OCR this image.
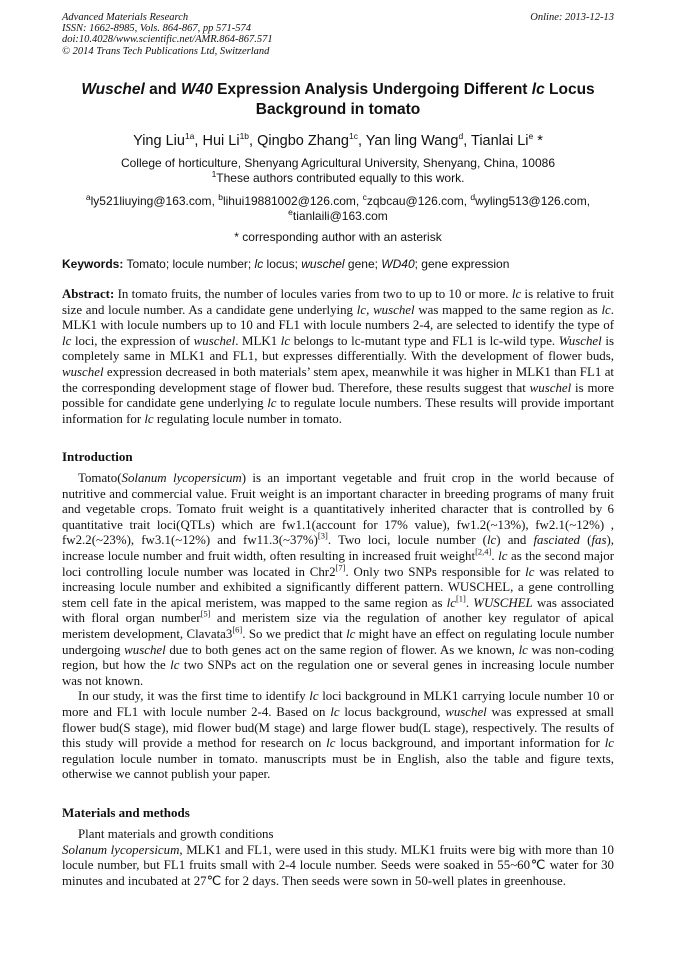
Advanced Materials Research
ISSN: 1662-8985, Vols. 864-867, pp 571-574
doi:10.4028/www.scientific.net/AMR.864-867.571
© 2014 Trans Tech Publications Ltd, Switzerland
Online: 2013-12-13
Wuschel and W40 Expression Analysis Undergoing Different lc Locus Background in tomato
Ying Liu$^{1a}$, Hui $Li^{1b}$, Qingbo Zhang$^{1c}$, Yan ling Wang$^d$, Tianlai Li$^e$ *
College of horticulture, Shenyang Agricultural University, Shenyang, China, 10086
$^1$These authors contributed equally to this work.
$^a$ly521liuying@163.com, $^b$lihui19881002@126.com, $^c$zqbcau@126.com, $^d$wyling513@126.com,
$^e$tianlaili@163.com
* corresponding author with an asterisk
Keywords: Tomato; locule number; lc locus; wuschel gene; WD40; gene expression
Abstract: In tomato fruits, the number of locules varies from two to up to 10 or more. lc is relative to fruit size and locule number. As a candidate gene underlying lc, wuschel was mapped to the same region as lc. MLK1 with locule numbers up to 10 and FL1 with locule numbers 2-4, are selected to identify the type of lc loci, the expression of wuschel. MLK1 lc belongs to lc-mutant type and FL1 is lc-wild type. Wuschel is completely same in MLK1 and FL1, but expresses differentially. With the development of flower buds, wuschel expression decreased in both materials’ stem apex, meanwhile it was higher in MLK1 than FL1 at the corresponding development stage of flower bud. Therefore, these results suggest that wuschel is more possible for candidate gene underlying lc to regulate locule numbers. These results will provide important information for lc regulating locule number in tomato.
Introduction

Tomato(Solanum lycopersicum) is an important vegetable and fruit crop in the world because of nutritive and commercial value. Fruit weight is an important character in breeding programs of many fruit and vegetable crops. Tomato fruit weight is a quantitatively inherited character that is controlled by 6 quantitative trait loci(QTLs) which are fw1.1(account for 17% value), fw1.2(~13%), fw2.1(~12%) , fw2.2(~23%), fw3.1(~12%) and fw11.3(~37%)[3]. Two loci, locule number (lc) and fasciated (fas), increase locule number and fruit width, often resulting in increased fruit weight[2,4]. lc as the second major loci controlling locule number was located in Chr2[7]. Only two SNPs responsible for lc was related to increasing locule number and exhibited a significantly different pattern. WUSCHEL, a gene controlling stem cell fate in the apical meristem, was mapped to the same region as lc[1]. WUSCHEL was associated with floral organ number[5] and meristem size via the regulation of another key regulator of apical meristem development, Clavata3[6]. So we predict that lc might have an effect on regulating locule number undergoing wuschel due to both genes act on the same region of flower. As we known, lc was non-coding region, but how the lc two SNPs act on the regulation one or several genes in increasing locule number was not known.

In our study, it was the first time to identify lc loci background in MLK1 carrying locule number 10 or more and FL1 with locule number 2-4. Based on lc locus background, wuschel was expressed at small flower bud(S stage), mid flower bud(M stage) and large flower bud(L stage), respectively. The results of this study will provide a method for research on lc locus background, and important information for lc regulation locule number in tomato. manuscripts must be in English, also the table and figure texts, otherwise we cannot publish your paper.

Materials and methods

Plant materials and growth conditions

Solanum lycopersicum, MLK1 and FL1, were used in this study. MLK1 fruits were big with more than 10 locule number, but FL1 fruits small with 2-4 locule number. Seeds were soaked in 55~60℃ water for 30 minutes and incubated at 27℃ for 2 days. Then seeds were sown in 50-well plates in greenhouse.
